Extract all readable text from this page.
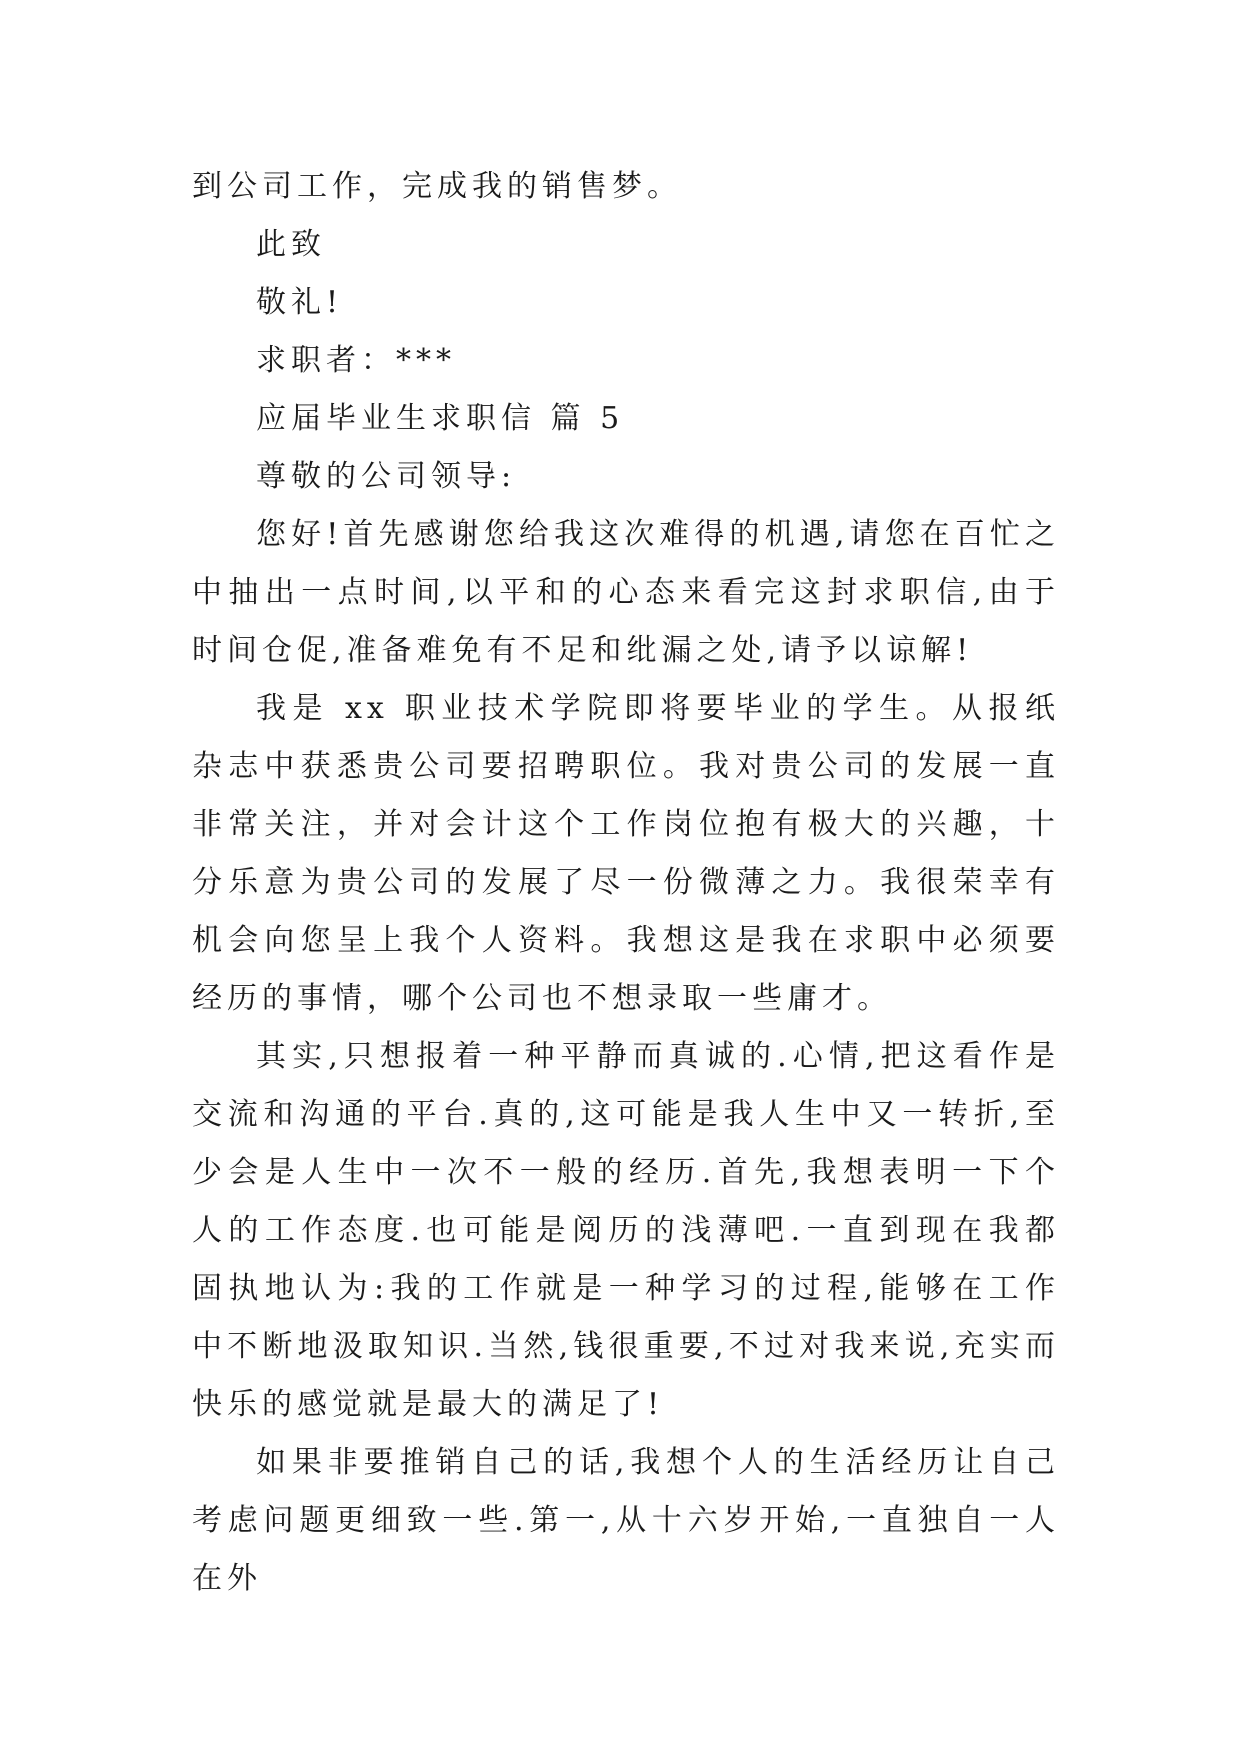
到公司工作，完成我的销售梦。
此致
敬礼!
求职者：***
应届毕业生求职信 篇 5
尊敬的公司领导:

您好!首先感谢您给我这次难得的机遇,请您在百忙之中抽出一点时间,以平和的心态来看完这封求职信,由于时间仓促,准备难免有不足和纰漏之处,请予以谅解!

我是 xx 职业技术学院即将要毕业的学生。从报纸杂志中获悉贵公司要招聘职位。我对贵公司的发展一直非常关注，并对会计这个工作岗位抱有极大的兴趣，十分乐意为贵公司的发展了尽一份微薄之力。我很荣幸有机会向您呈上我个人资料。我想这是我在求职中必须要经历的事情，哪个公司也不想录取一些庸才。

其实,只想报着一种平静而真诚的.心情,把这看作是交流和沟通的平台.真的,这可能是我人生中又一转折,至少会是人生中一次不一般的经历.首先,我想表明一下个人的工作态度.也可能是阅历的浅薄吧.一直到现在我都固执地认为:我的工作就是一种学习的过程,能够在工作中不断地汲取知识.当然,钱很重要,不过对我来说,充实而快乐的感觉就是最大的满足了!

如果非要推销自己的话,我想个人的生活经历让自己考虑问题更细致一些.第一,从十六岁开始,一直独自一人在外
